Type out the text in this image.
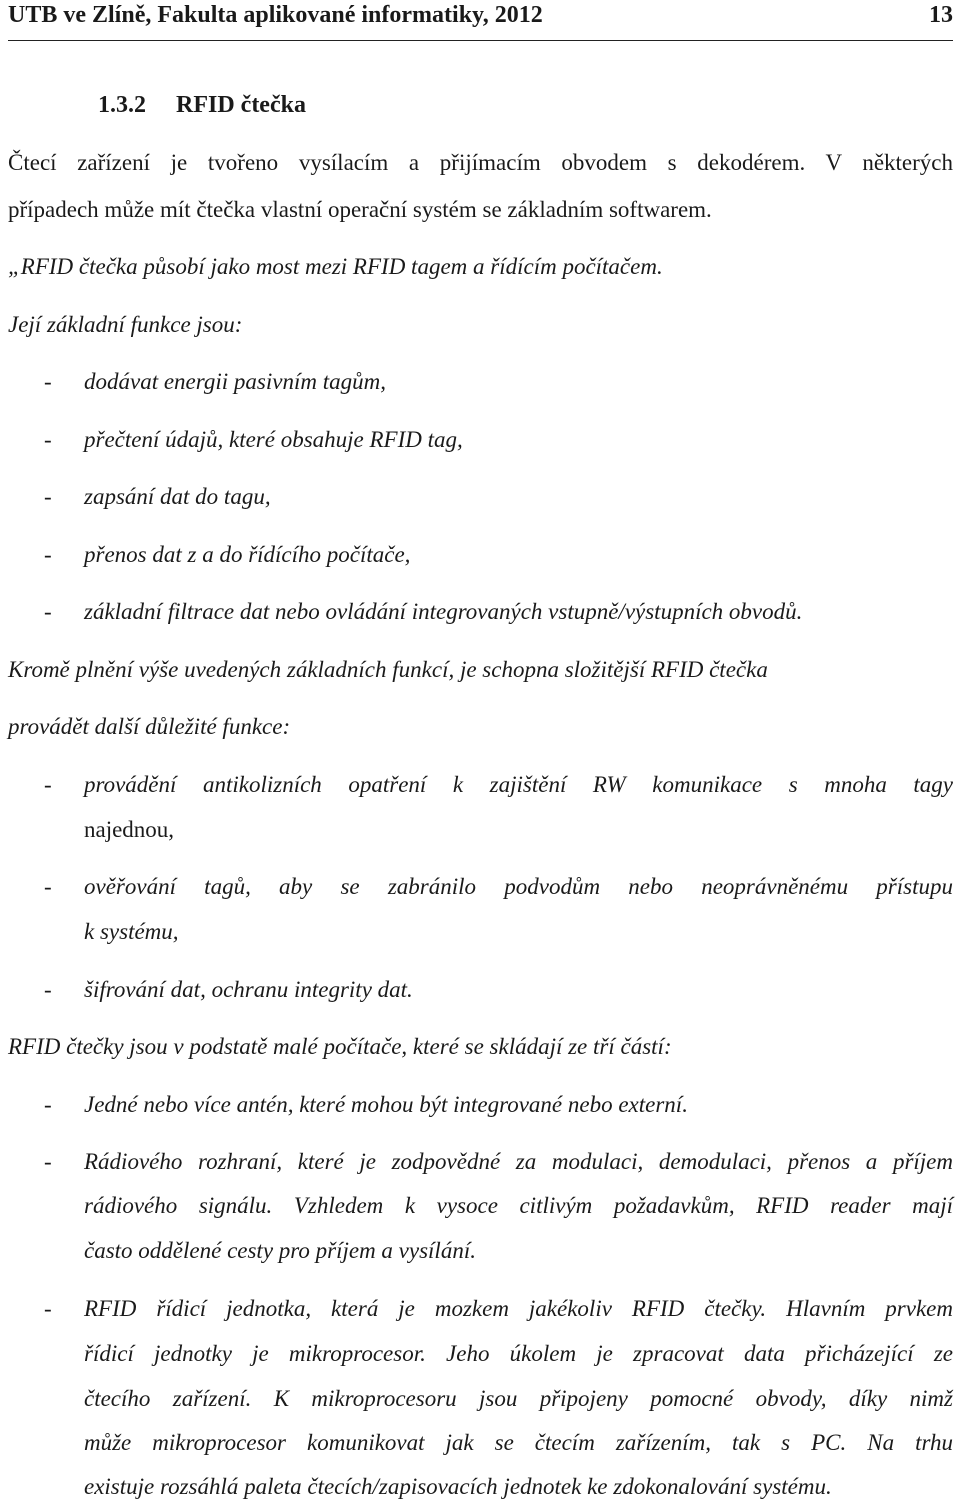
UTB ve Zlíně, Fakulta aplikované informatiky, 2012	13
1.3.2 RFID čtečka
Čtecí zařízení je tvořeno vysílacím a přijímacím obvodem s dekodérem. V některých
případech může mít čtečka vlastní operační systém se základním softwarem.
„RFID čtečka působí jako most mezi RFID tagem a řídícím počítačem.
Její základní funkce jsou:
- dodávat energii pasivním tagům,
- přečtení údajů, které obsahuje RFID tag,
- zapsání dat do tagu,
- přenos dat z a do řídícího počítače,
- základní filtrace dat nebo ovládání integrovaných vstupně/výstupních obvodů.
Kromě plnění výše uvedených základních funkcí, je schopna složitější RFID čtečka
provádět další důležité funkce:
- provádění antikolizních opatření k zajištění RW komunikace s mnoha tagy
najednou,
- ověřování tagů, aby se zabránilo podvodům nebo neoprávněnému přístupu
k systému,
- šifrování dat, ochranu integrity dat.
RFID čtečky jsou v podstatě malé počítače, které se skládají ze tří částí:
- Jedné nebo více antén, které mohou být integrované nebo externí.
- Rádiového rozhraní, které je zodpovědné za modulaci, demodulaci, přenos a příjem
rádiového signálu. Vzhledem k vysoce citlivým požadavkům, RFID reader mají
často oddělené cesty pro příjem a vysílání.
- RFID řídicí jednotka, která je mozkem jakékoliv RFID čtečky. Hlavním prvkem
řídicí jednotky je mikroprocesor. Jeho úkolem je zpracovat data přicházející ze
čtecího zařízení. K mikroprocesoru jsou připojeny pomocné obvody, díky nimž
může mikroprocesor komunikovat jak se čtecím zařízením, tak s PC. Na trhu
existuje rozsáhlá paleta čtecích/zapisovacích jednotek ke zdokonalování systému.
